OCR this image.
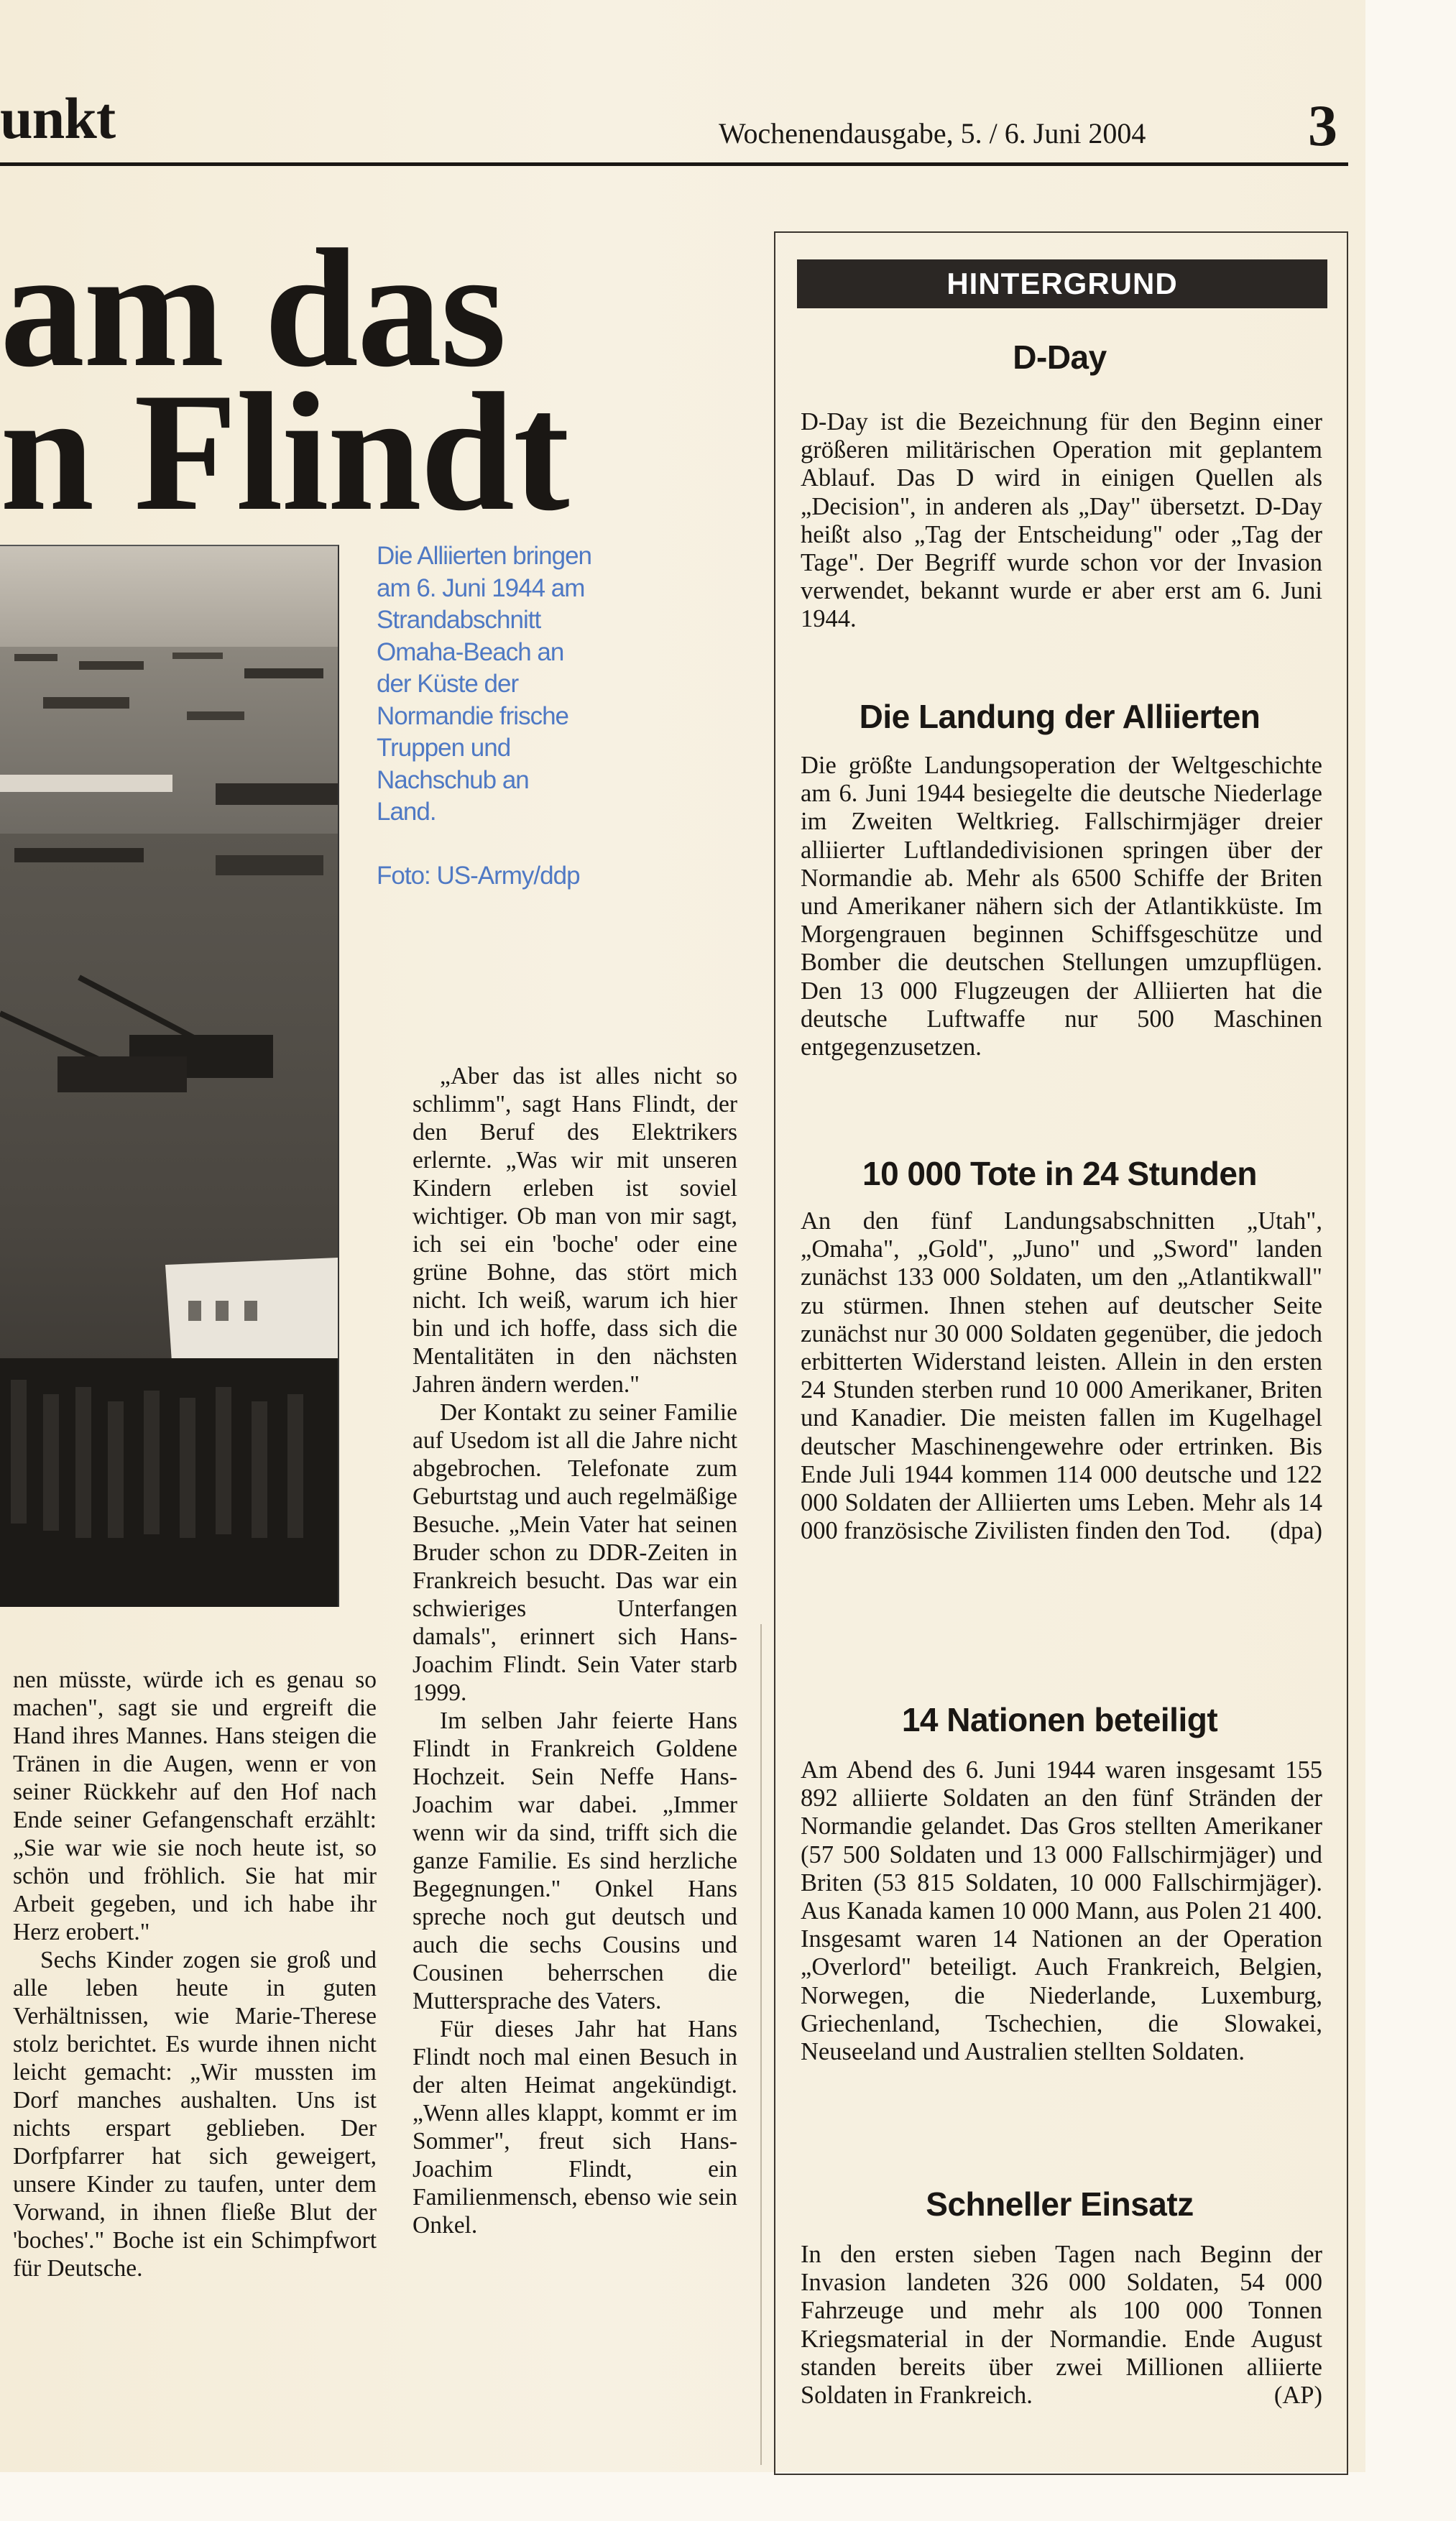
unkt	Wochenendausgabe, 5. / 6. Juni 2004	3
am das
n Flindt
Die Alliierten bringen am 6. Juni 1944 am Strandabschnitt Omaha-Beach an der Küste der Normandie frische Truppen und Nachschub an Land.
Foto: US-Army/ddp

„Aber das ist alles nicht so schlimm", sagt Hans Flindt, der den Beruf des Elektrikers erlernte. „Was wir mit unseren Kindern erleben ist soviel wichtiger. Ob man von mir sagt, ich sei ein 'boche' oder eine grüne Bohne, das stört mich nicht. Ich weiß, warum ich hier bin und ich hoffe, dass sich die Mentalitäten in den nächsten Jahren ändern werden."

Der Kontakt zu seiner Familie auf Usedom ist all die Jahre nicht abgebrochen. Telefonate zum Geburtstag und auch regelmäßige Besuche. „Mein Vater hat seinen Bruder schon zu DDR-Zeiten in Frankreich besucht. Das war ein schwieriges Unterfangen damals", erinnert sich Hans-Joachim Flindt. Sein Vater starb 1999.

Im selben Jahr feierte Hans Flindt in Frankreich Goldene Hochzeit. Sein Neffe Hans-Joachim war dabei. „Immer wenn wir da sind, trifft sich die ganze Familie. Es sind herzliche Begegnungen." Onkel Hans spreche noch gut deutsch und auch die sechs Cousins und Cousinen beherrschen die Muttersprache des Vaters.

Für dieses Jahr hat Hans Flindt noch mal einen Besuch in der alten Heimat angekündigt. „Wenn alles klappt, kommt er im Sommer", freut sich Hans-Joachim Flindt, ein Familienmensch, ebenso wie sein Onkel.

nen müsste, würde ich es genau so machen", sagt sie und ergreift die Hand ihres Mannes. Hans steigen die Tränen in die Augen, wenn er von seiner Rückkehr auf den Hof nach Ende seiner Gefangenschaft erzählt: „Sie war wie sie noch heute ist, so schön und fröhlich. Sie hat mir Arbeit gegeben, und ich habe ihr Herz erobert."

Sechs Kinder zogen sie groß und alle leben heute in guten Verhältnissen, wie Marie-Therese stolz berichtet. Es wurde ihnen nicht leicht gemacht: „Wir mussten im Dorf manches aushalten. Uns ist nichts erspart geblieben. Der Dorfpfarrer hat sich geweigert, unsere Kinder zu taufen, unter dem Vorwand, in ihnen fließe Blut der 'boches'." Boche ist ein Schimpfwort für Deutsche.

HINTERGRUND
D-Day
D-Day ist die Bezeichnung für den Beginn einer größeren militärischen Operation mit geplantem Ablauf. Das D wird in einigen Quellen als „Decision", in anderen als „Day" übersetzt. D-Day heißt also „Tag der Entscheidung" oder „Tag der Tage". Der Begriff wurde schon vor der Invasion verwendet, bekannt wurde er aber erst am 6. Juni 1944.
Die Landung der Alliierten
Die größte Landungsoperation der Weltgeschichte am 6. Juni 1944 besiegelte die deutsche Niederlage im Zweiten Weltkrieg. Fallschirmjäger dreier alliierter Luftlandedivisionen springen über der Normandie ab. Mehr als 6500 Schiffe der Briten und Amerikaner nähern sich der Atlantikküste. Im Morgengrauen beginnen Schiffsgeschütze und Bomber die deutschen Stellungen umzupflügen. Den 13 000 Flugzeugen der Alliierten hat die deutsche Luftwaffe nur 500 Maschinen entgegenzusetzen.
10 000 Tote in 24 Stunden
An den fünf Landungsabschnitten „Utah", „Omaha", „Gold", „Juno" und „Sword" landen zunächst 133 000 Soldaten, um den „Atlantikwall" zu stürmen. Ihnen stehen auf deutscher Seite zunächst nur 30 000 Soldaten gegenüber, die jedoch erbitterten Widerstand leisten. Allein in den ersten 24 Stunden sterben rund 10 000 Amerikaner, Briten und Kanadier. Die meisten fallen im Kugelhagel deutscher Maschinengewehre oder ertrinken. Bis Ende Juli 1944 kommen 114 000 deutsche und 122 000 Soldaten der Alliierten ums Leben. Mehr als 14 000 französische Zivilisten finden den Tod. (dpa)
14 Nationen beteiligt
Am Abend des 6. Juni 1944 waren insgesamt 155 892 alliierte Soldaten an den fünf Stränden der Normandie gelandet. Das Gros stellten Amerikaner (57 500 Soldaten und 13 000 Fallschirmjäger) und Briten (53 815 Soldaten, 10 000 Fallschirmjäger). Aus Kanada kamen 10 000 Mann, aus Polen 21 400. Insgesamt waren 14 Nationen an der Operation „Overlord" beteiligt. Auch Frankreich, Belgien, Norwegen, die Niederlande, Luxemburg, Griechenland, Tschechien, die Slowakei, Neuseeland und Australien stellten Soldaten.
Schneller Einsatz
In den ersten sieben Tagen nach Beginn der Invasion landeten 326 000 Soldaten, 54 000 Fahrzeuge und mehr als 100 000 Tonnen Kriegsmaterial in der Normandie. Ende August standen bereits über zwei Millionen alliierte Soldaten in Frankreich.	(AP)
